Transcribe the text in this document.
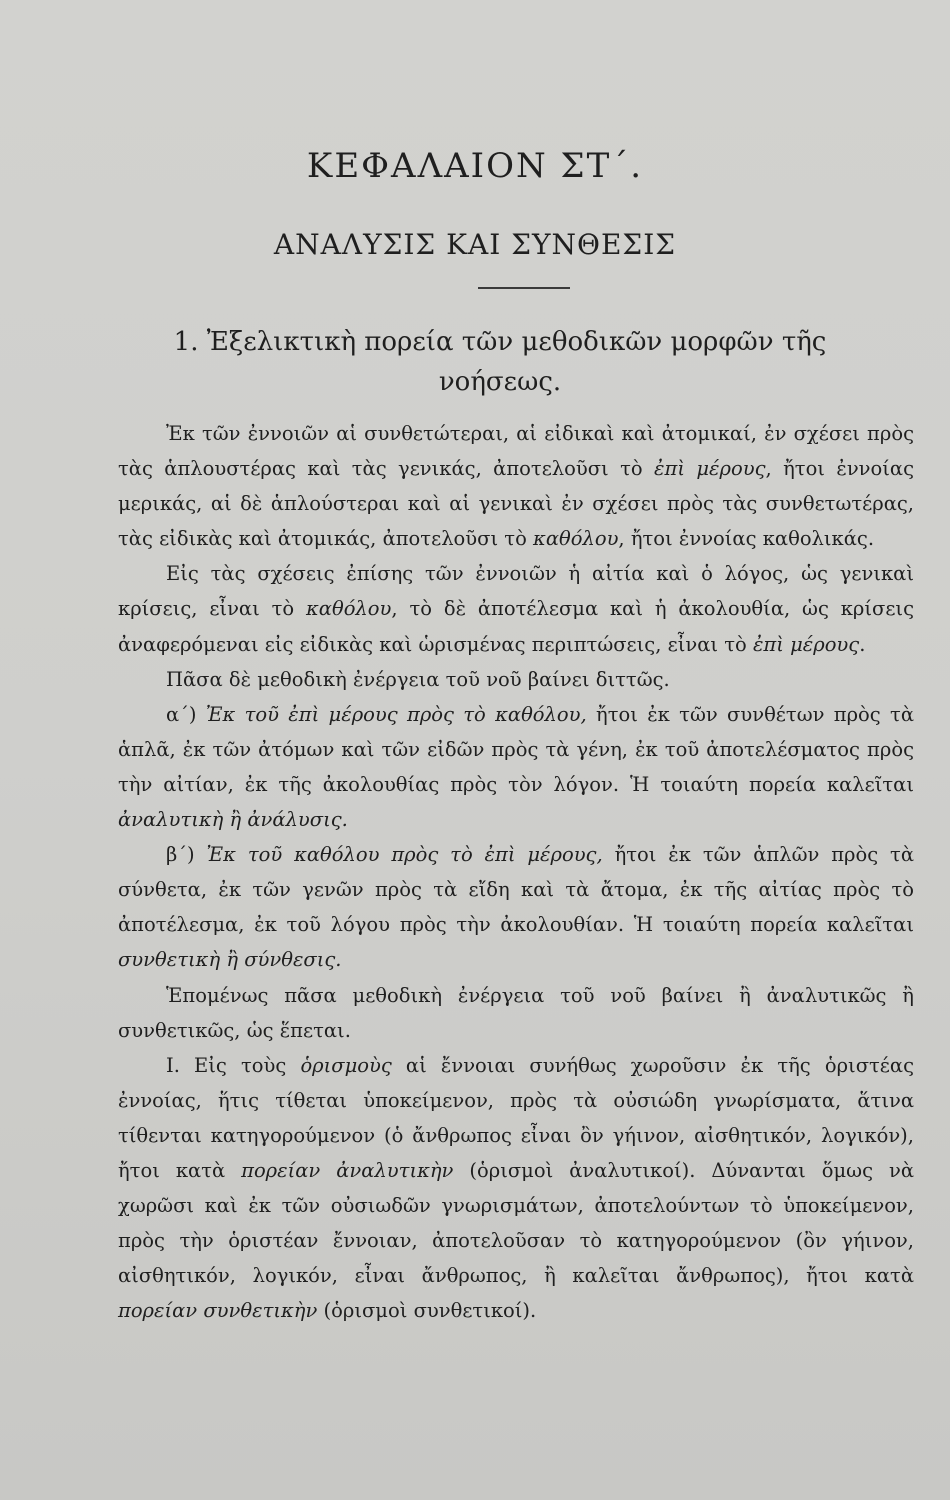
ΚΕΦΑΛΑΙΟΝ ΣΤ΄.
ΑΝΑΛΥΣΙΣ ΚΑΙ ΣΥΝΘΕΣΙΣ
1. Ἐξελικτικὴ πορεία τῶν μεθοδικῶν μορφῶν τῆς νοήσεως.

Ἐκ τῶν ἐννοιῶν αἱ συνθετώτεραι, αἱ εἰδικαὶ καὶ ἀτομικαί, ἐν σχέσει πρὸς τὰς ἁπλουστέρας καὶ τὰς γενικάς, ἀποτελοῦσι τὸ ἐπὶ μέρους, ἤτοι ἐννοίας μερικάς, αἱ δὲ ἁπλούστεραι καὶ αἱ γενικαὶ ἐν σχέσει πρὸς τὰς συνθετωτέρας, τὰς εἰδικὰς καὶ ἀτομικάς, ἀποτελοῦσι τὸ καθόλου, ἤτοι ἐννοίας καθολικάς.

Εἰς τὰς σχέσεις ἐπίσης τῶν ἐννοιῶν ἡ αἰτία καὶ ὁ λόγος, ὡς γενικαὶ κρίσεις, εἶναι τὸ καθόλου, τὸ δὲ ἀποτέλεσμα καὶ ἡ ἀκολουθία, ὡς κρίσεις ἀναφερόμεναι εἰς εἰδικὰς καὶ ὡρισμένας περιπτώσεις, εἶναι τὸ ἐπὶ μέρους.

Πᾶσα δὲ μεθοδικὴ ἐνέργεια τοῦ νοῦ βαίνει διττῶς.

α΄) Ἐκ τοῦ ἐπὶ μέρους πρὸς τὸ καθόλου, ἤτοι ἐκ τῶν συνθέτων πρὸς τὰ ἁπλᾶ, ἐκ τῶν ἀτόμων καὶ τῶν εἰδῶν πρὸς τὰ γένη, ἐκ τοῦ ἀποτελέσματος πρὸς τὴν αἰτίαν, ἐκ τῆς ἀκολουθίας πρὸς τὸν λόγον. Ἡ τοιαύτη πορεία καλεῖται ἀναλυτικὴ ἢ ἀνάλυσις.

β΄) Ἐκ τοῦ καθόλου πρὸς τὸ ἐπὶ μέρους, ἤτοι ἐκ τῶν ἁπλῶν πρὸς τὰ σύνθετα, ἐκ τῶν γενῶν πρὸς τὰ εἴδη καὶ τὰ ἄτομα, ἐκ τῆς αἰτίας πρὸς τὸ ἀποτέλεσμα, ἐκ τοῦ λόγου πρὸς τὴν ἀκολουθίαν. Ἡ τοιαύτη πορεία καλεῖται συνθετικὴ ἢ σύνθεσις.

Ἑπομένως πᾶσα μεθοδικὴ ἐνέργεια τοῦ νοῦ βαίνει ἢ ἀναλυτικῶς ἢ συνθετικῶς, ὡς ἕπεται.

Ι. Εἰς τοὺς ὁρισμοὺς αἱ ἔννοιαι συνήθως χωροῦσιν ἐκ τῆς ὁριστέας ἐννοίας, ἥτις τίθεται ὑποκείμενον, πρὸς τὰ οὐσιώδη γνωρίσματα, ἅτινα τίθενται κατηγορούμενον (ὁ ἄνθρωπος εἶναι ὂν γήινον, αἰσθητικόν, λογικόν), ἤτοι κατὰ πορείαν ἀναλυτικὴν (ὁρισμοὶ ἀναλυτικοί). Δύνανται ὅμως νὰ χωρῶσι καὶ ἐκ τῶν οὐσιωδῶν γνωρισμάτων, ἀποτελούντων τὸ ὑποκείμενον, πρὸς τὴν ὁριστέαν ἔννοιαν, ἀποτελοῦσαν τὸ κατηγορούμενον (ὂν γήινον, αἰσθητικόν, λογικόν, εἶναι ἄνθρωπος, ἢ καλεῖται ἄνθρωπος), ἤτοι κατὰ πορείαν συνθετικὴν (ὁρισμοὶ συνθετικοί).
